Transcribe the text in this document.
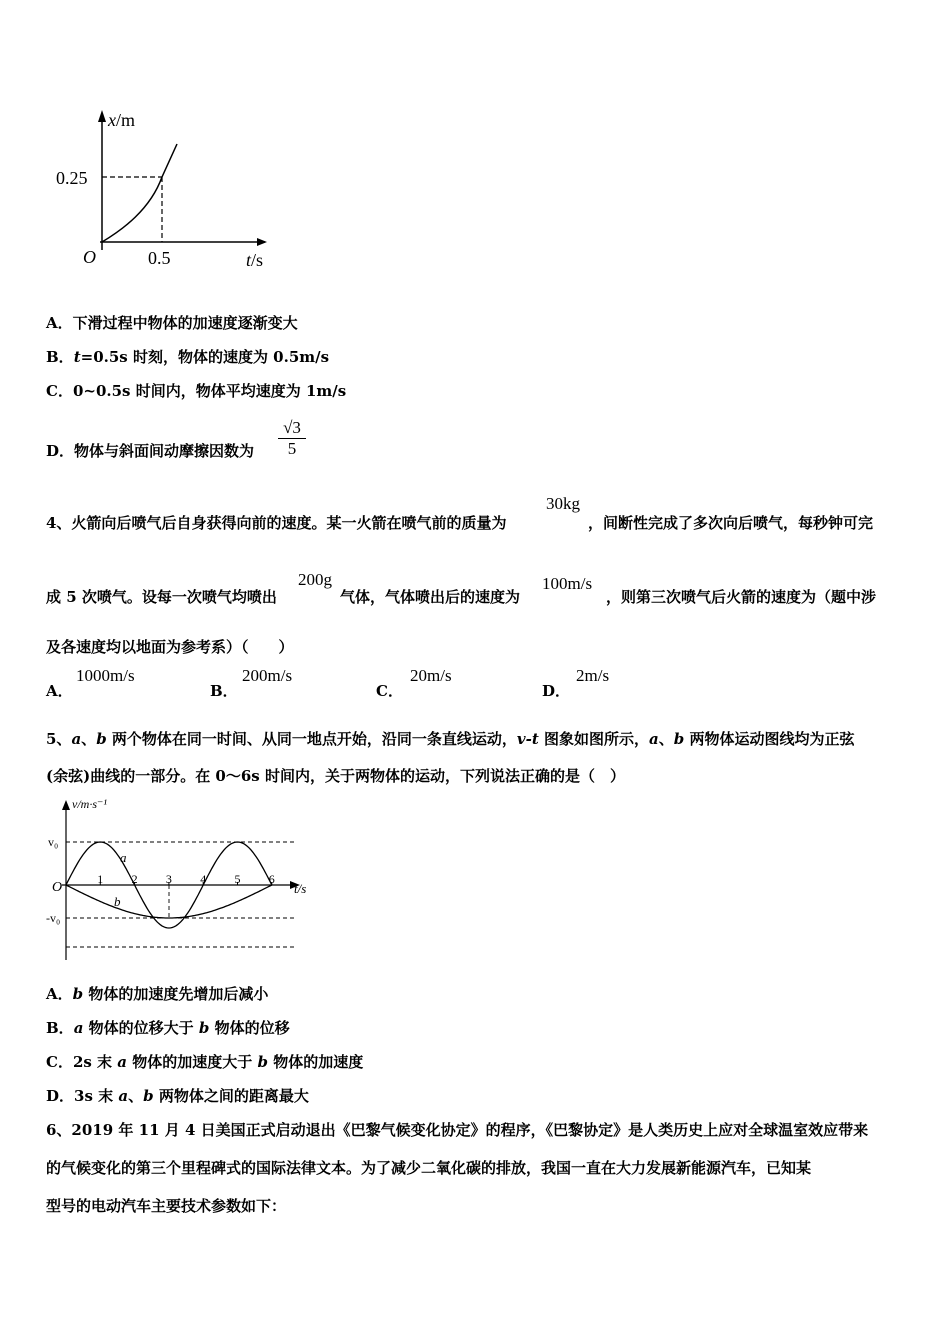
x/m
0.25
O	0.5	t/s
A．下滑过程中物体的加速度逐渐变大
B．t=0.5s 时刻，物体的速度为 0.5m/s
C．0~0.5s 时间内，物体平均速度为 1m/s
D．物体与斜面间动摩擦因数为 $\frac{√3}{5}$
4、火箭向后喷气后自身获得向前的速度。某一火箭在喷气前的质量为
30kg
，间断性完成了多次向后喷气，每秒钟可完
成 5 次喷气。设每一次喷气均喷出
200g
气体，气体喷出后的速度为
100m/s
，则第三次喷气后火箭的速度为（题中涉
及各速度均以地面为参考系）（　　）
A．
1000m/s
B．
200m/s
C．
20m/s
D．
2m/s
5、a、b 两个物体在同一时间、从同一地点开始，沿同一条直线运动，v-t 图象如图所示，a、b 两物体运动图线均为正弦
(余弦)曲线的一部分。在 0～6s 时间内，关于两物体的运动，下列说法正确的是（　）
v/m·s⁻¹
v₀
-v₀
O
a
b
t/s
1 2 3 4 5 6
A．b 物体的加速度先增加后减小
B．a 物体的位移大于 b 物体的位移
C．2s 末 a 物体的加速度大于 b 物体的加速度
D．3s 末 a、b 两物体之间的距离最大
6、2019 年 11 月 4 日美国正式启动退出《巴黎气候变化协定》的程序，《巴黎协定》是人类历史上应对全球温室效应带来
的气候变化的第三个里程碑式的国际法律文本。为了减少二氧化碳的排放，我国一直在大力发展新能源汽车，已知某
型号的电动汽车主要技术参数如下：
